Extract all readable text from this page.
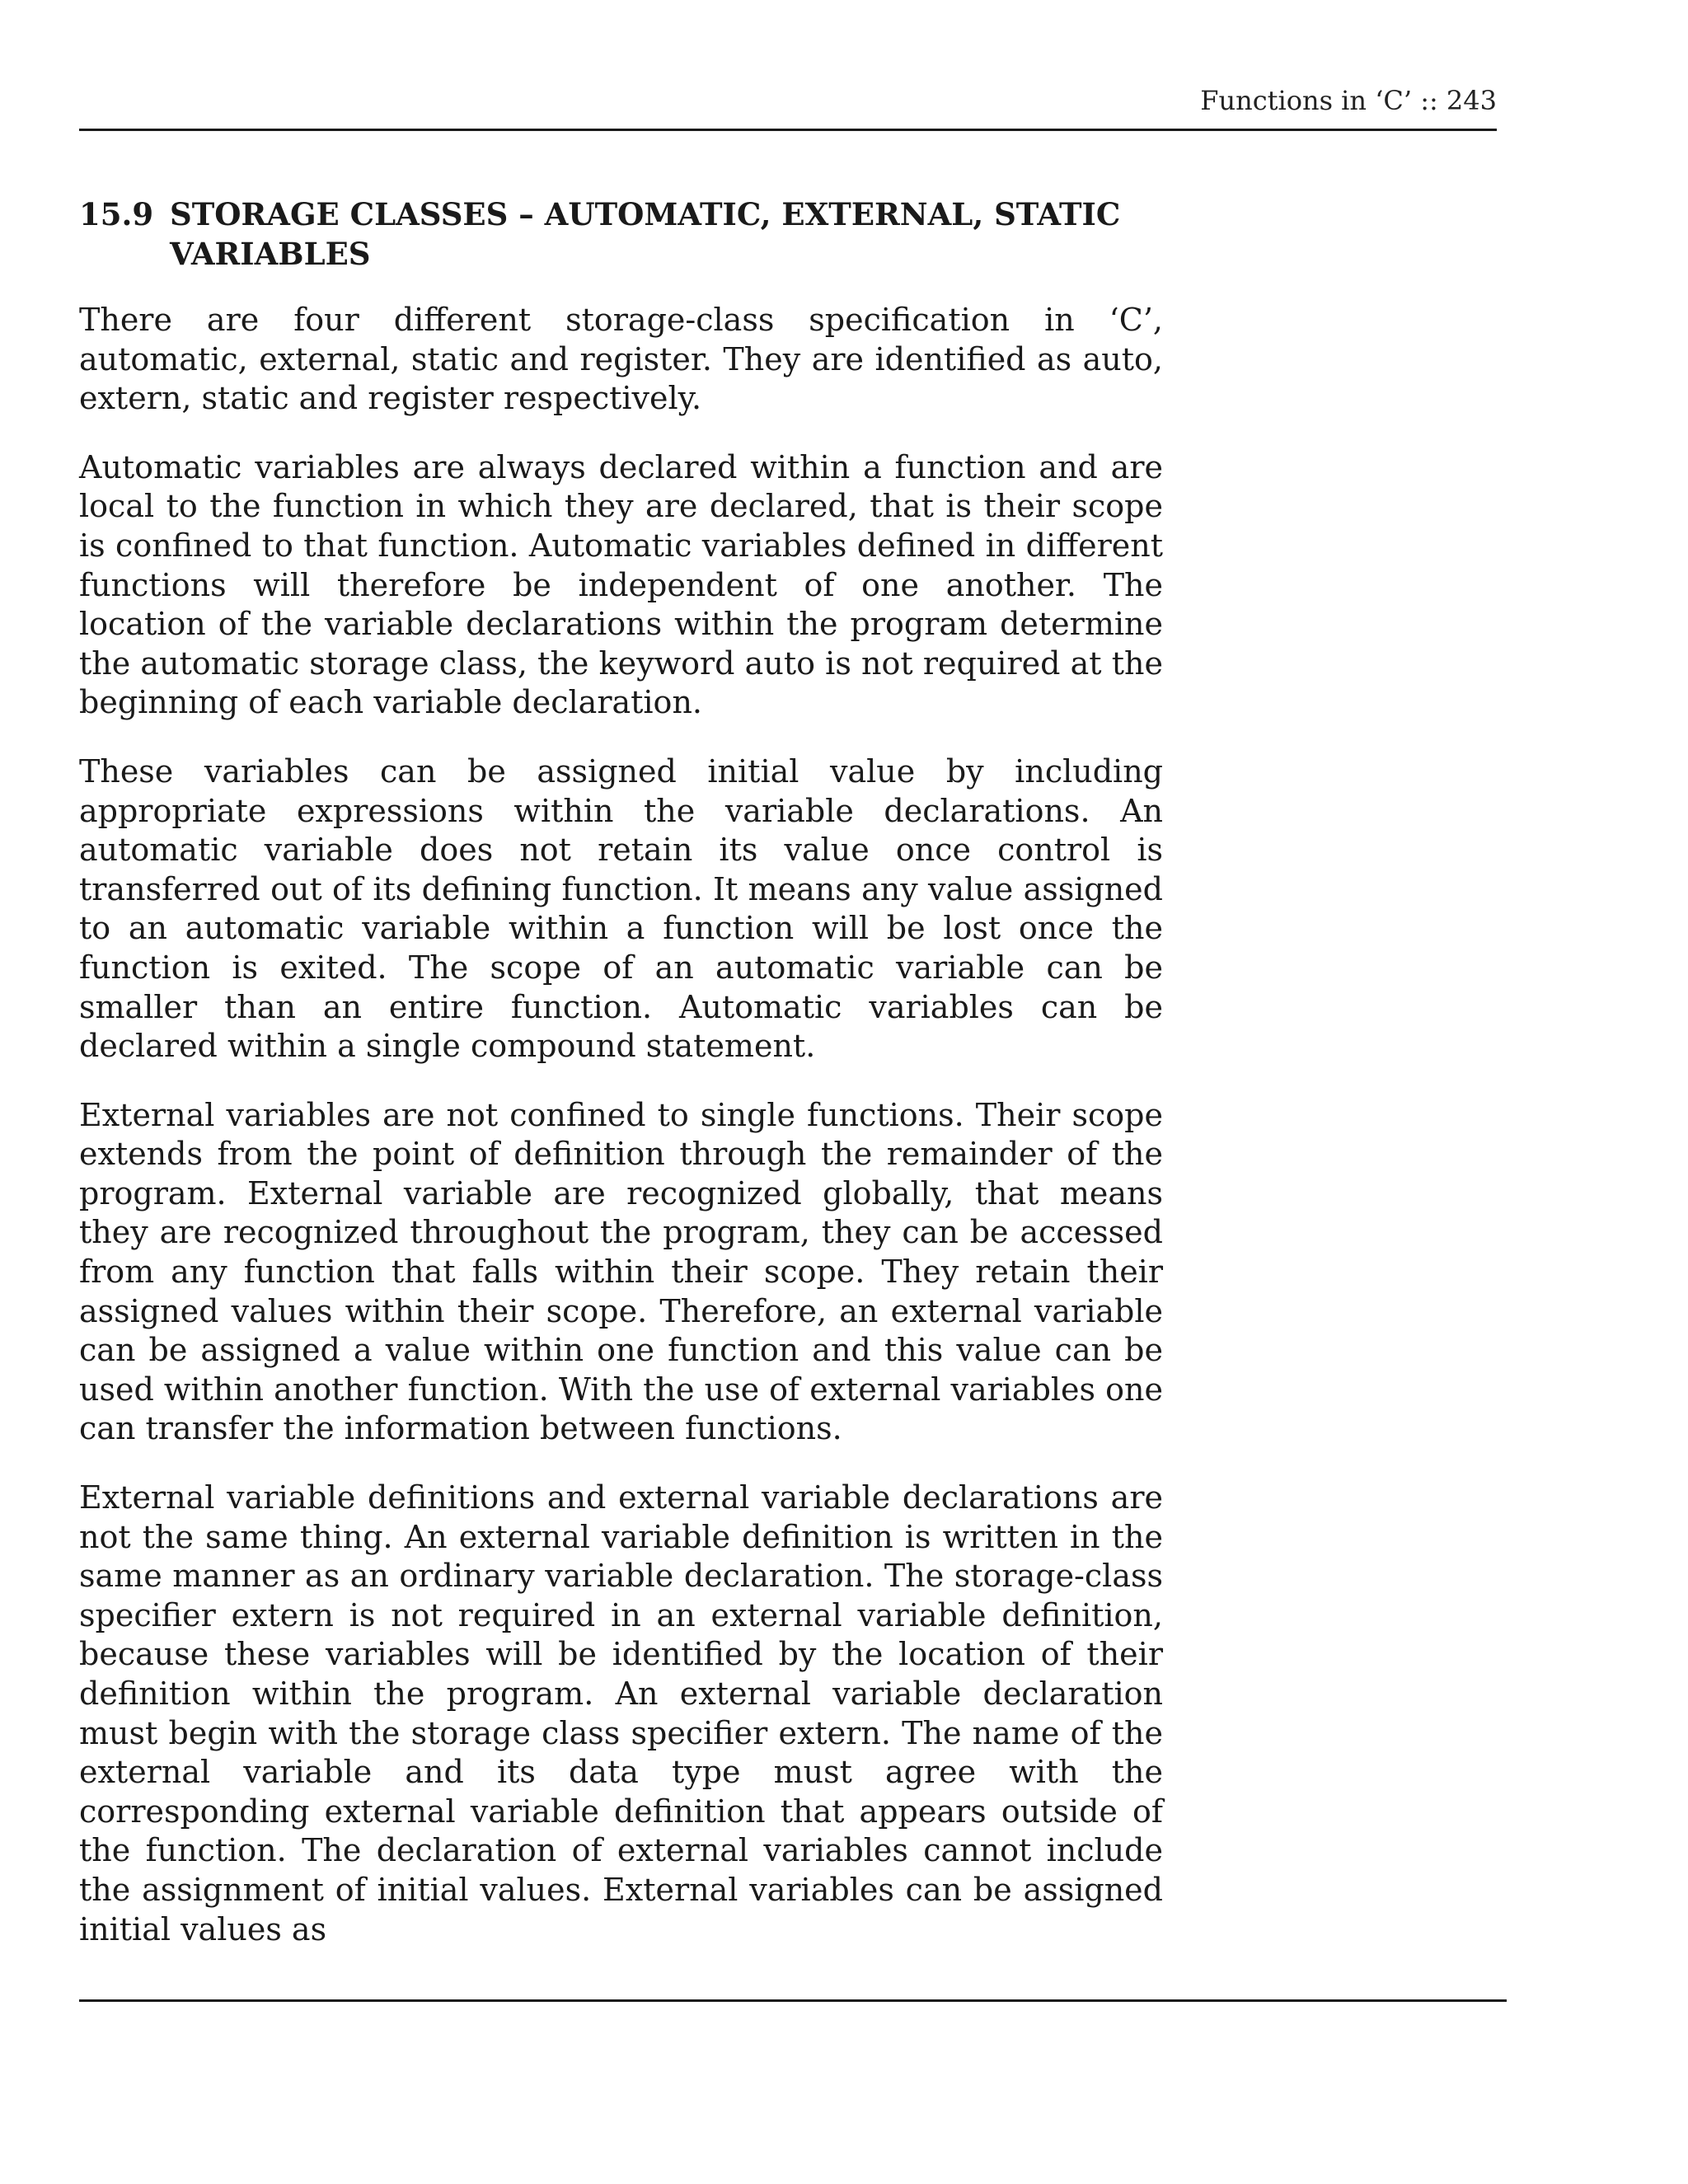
Functions in ‘C’ :: 243
15.9 STORAGE CLASSES – AUTOMATIC, EXTERNAL, STATIC VARIABLES

There are four different storage-class specification in ‘C’, automatic, external, static and register. They are identified as auto, extern, static and register respectively.

Automatic variables are always declared within a function and are local to the function in which they are declared, that is their scope is confined to that function. Automatic variables defined in different functions will therefore be independent of one another. The location of the variable declarations within the program determine the automatic storage class, the keyword auto is not required at the beginning of each variable declaration.

These variables can be assigned initial value by including appropriate expressions within the variable declarations. An automatic variable does not retain its value once control is transferred out of its defining function. It means any value assigned to an automatic variable within a function will be lost once the function is exited. The scope of an automatic variable can be smaller than an entire function. Automatic variables can be declared within a single compound statement.

External variables are not confined to single functions. Their scope extends from the point of definition through the remainder of the program. External variable are recognized globally, that means they are recognized throughout the program, they can be accessed from any function that falls within their scope. They retain their assigned values within their scope. Therefore, an external variable can be assigned a value within one function and this value can be used within another function. With the use of external variables one can transfer the information between functions.

External variable definitions and external variable declarations are not the same thing. An external variable definition is written in the same manner as an ordinary variable declaration. The storage-class specifier extern is not required in an external variable definition, because these variables will be identified by the location of their definition within the program. An external variable declaration must begin with the storage class specifier extern. The name of the external variable and its data type must agree with the corresponding external variable definition that appears outside of the function. The declaration of external variables cannot include the assignment of initial values. External variables can be assigned initial values as
